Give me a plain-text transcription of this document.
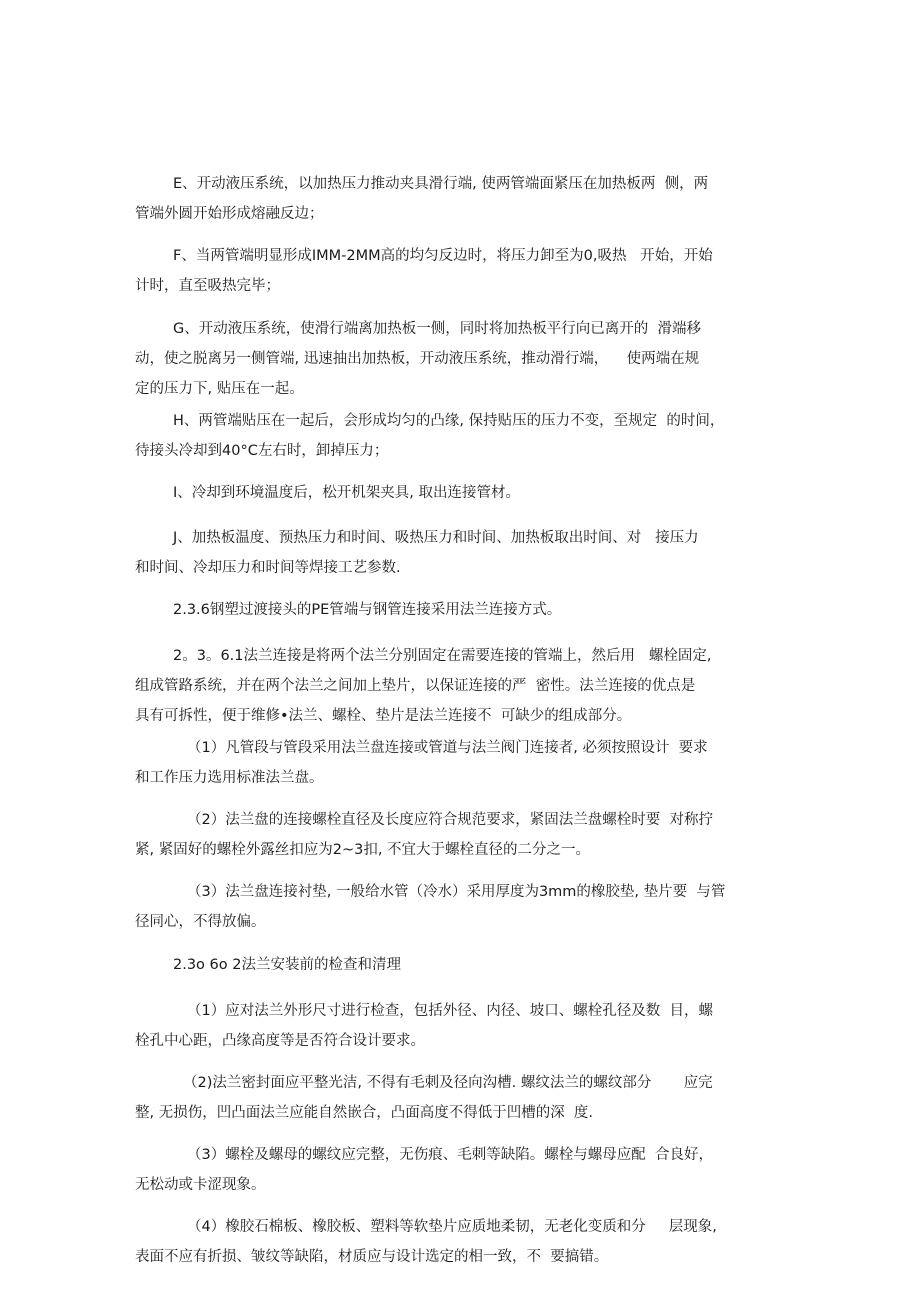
E、开动液压系统，以加热压力推动夹具滑行端, 使两管端面紧压在加热板两  侧，两
管端外圆开始形成熔融反边；

F、当两管端明显形成IMM-2MM高的均匀反边时，将压力卸至为0,吸热   开始，开始
计时，直至吸热完毕；

G、开动液压系统，使滑行端离加热板一侧，同时将加热板平行向已离开的  滑端移
动，使之脱离另一侧管端, 迅速抽出加热板，开动液压系统，推动滑行端，    使两端在规
定的压力下, 贴压在一起。

H、两管端贴压在一起后，会形成均匀的凸缘, 保持贴压的压力不变，至规定  的时间，
待接头冷却到40°C左右时，卸掉压力；

I、冷却到环境温度后，松开机架夹具, 取出连接管材。

J、加热板温度、预热压力和时间、吸热压力和时间、加热板取出时间、对   接压力
和时间、冷却压力和时间等焊接工艺参数.

2.3.6钢塑过渡接头的PE管端与钢管连接采用法兰连接方式。

2。3。6.1法兰连接是将两个法兰分别固定在需要连接的管端上，然后用   螺栓固定,
组成管路系统，并在两个法兰之间加上垫片，以保证连接的严  密性。法兰连接的优点是
具有可拆性，便于维修•法兰、螺栓、垫片是法兰连接不  可缺少的组成部分。

（1）凡管段与管段采用法兰盘连接或管道与法兰阀门连接者, 必须按照设计  要求
和工作压力选用标准法兰盘。

（2）法兰盘的连接螺栓直径及长度应符合规范要求，紧固法兰盘螺栓时要  对称拧
紧, 紧固好的螺栓外露丝扣应为2~3扣, 不宜大于螺栓直径的二分之一。

（3）法兰盘连接衬垫, 一般给水管（冷水）采用厚度为3mm的橡胶垫, 垫片要  与管
径同心，不得放偏。

2.3o 6o 2法兰安装前的检查和清理

（1）应对法兰外形尺寸进行检查，包括外径、内径、坡口、螺栓孔径及数  目，螺
栓孔中心距，凸缘高度等是否符合设计要求。

（2)法兰密封面应平整光洁, 不得有毛刺及径向沟槽. 螺纹法兰的螺纹部分       应完
整, 无损伤，凹凸面法兰应能自然嵌合，凸面高度不得低于凹槽的深  度.

（3）螺栓及螺母的螺纹应完整，无伤痕、毛刺等缺陷。螺栓与螺母应配  合良好，
无松动或卡涩现象。

（4）橡胶石棉板、橡胶板、塑料等软垫片应质地柔韧，无老化变质和分     层现象,
表面不应有折损、皱纹等缺陷，材质应与设计选定的相一致，不  要搞错。
